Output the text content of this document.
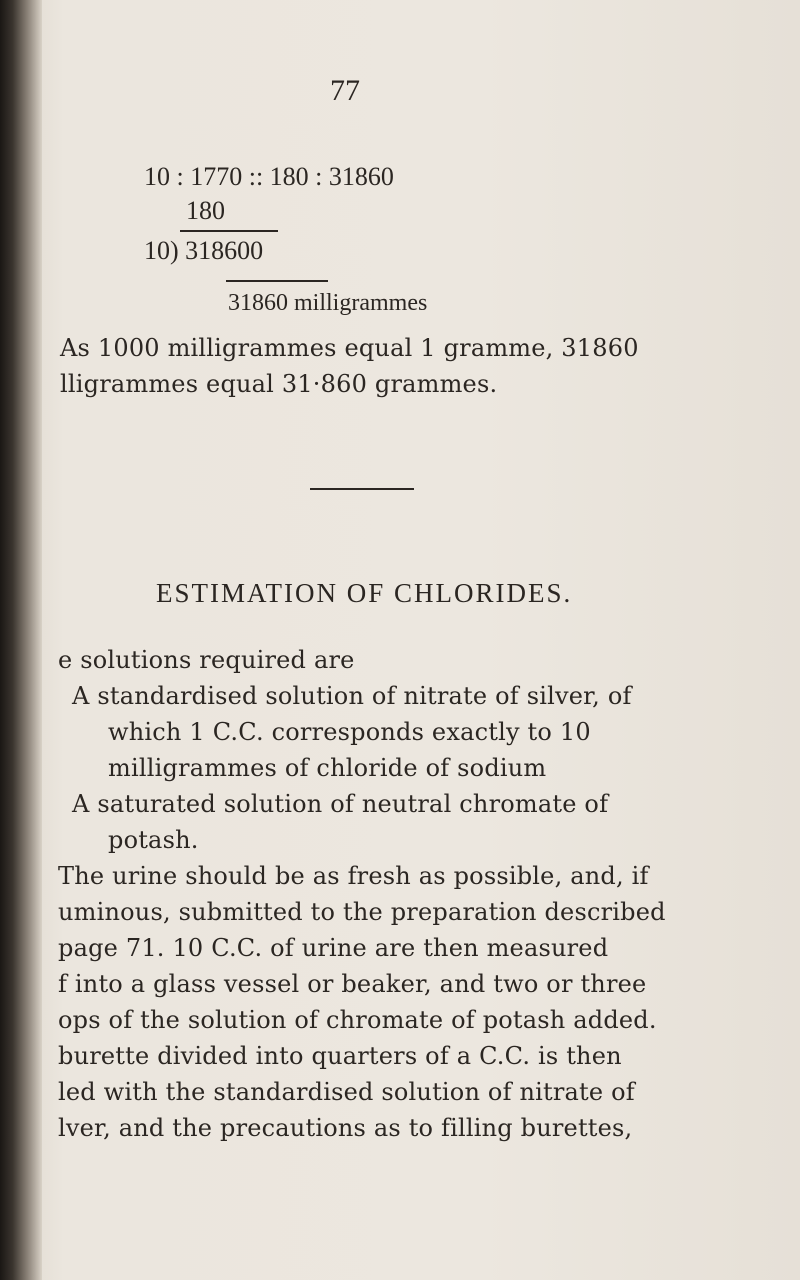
77
10 : 1770 :: 180 : 31860
180
10) 318600
31860 milligrammes
As 1000 milligrammes equal 1 gramme, 31860
lligrammes equal 31·860 grammes.
ESTIMATION OF CHLORIDES.
e solutions required are
A standardised solution of nitrate of silver, of
which 1 C.C. corresponds exactly to 10
milligrammes of chloride of sodium
A saturated solution of neutral chromate of
potash.
The urine should be as fresh as possible, and, if
uminous, submitted to the preparation described
page 71. 10 C.C. of urine are then measured
f into a glass vessel or beaker, and two or three
ops of the solution of chromate of potash added.
burette divided into quarters of a C.C. is then
led with the standardised solution of nitrate of
lver, and the precautions as to filling burettes,
